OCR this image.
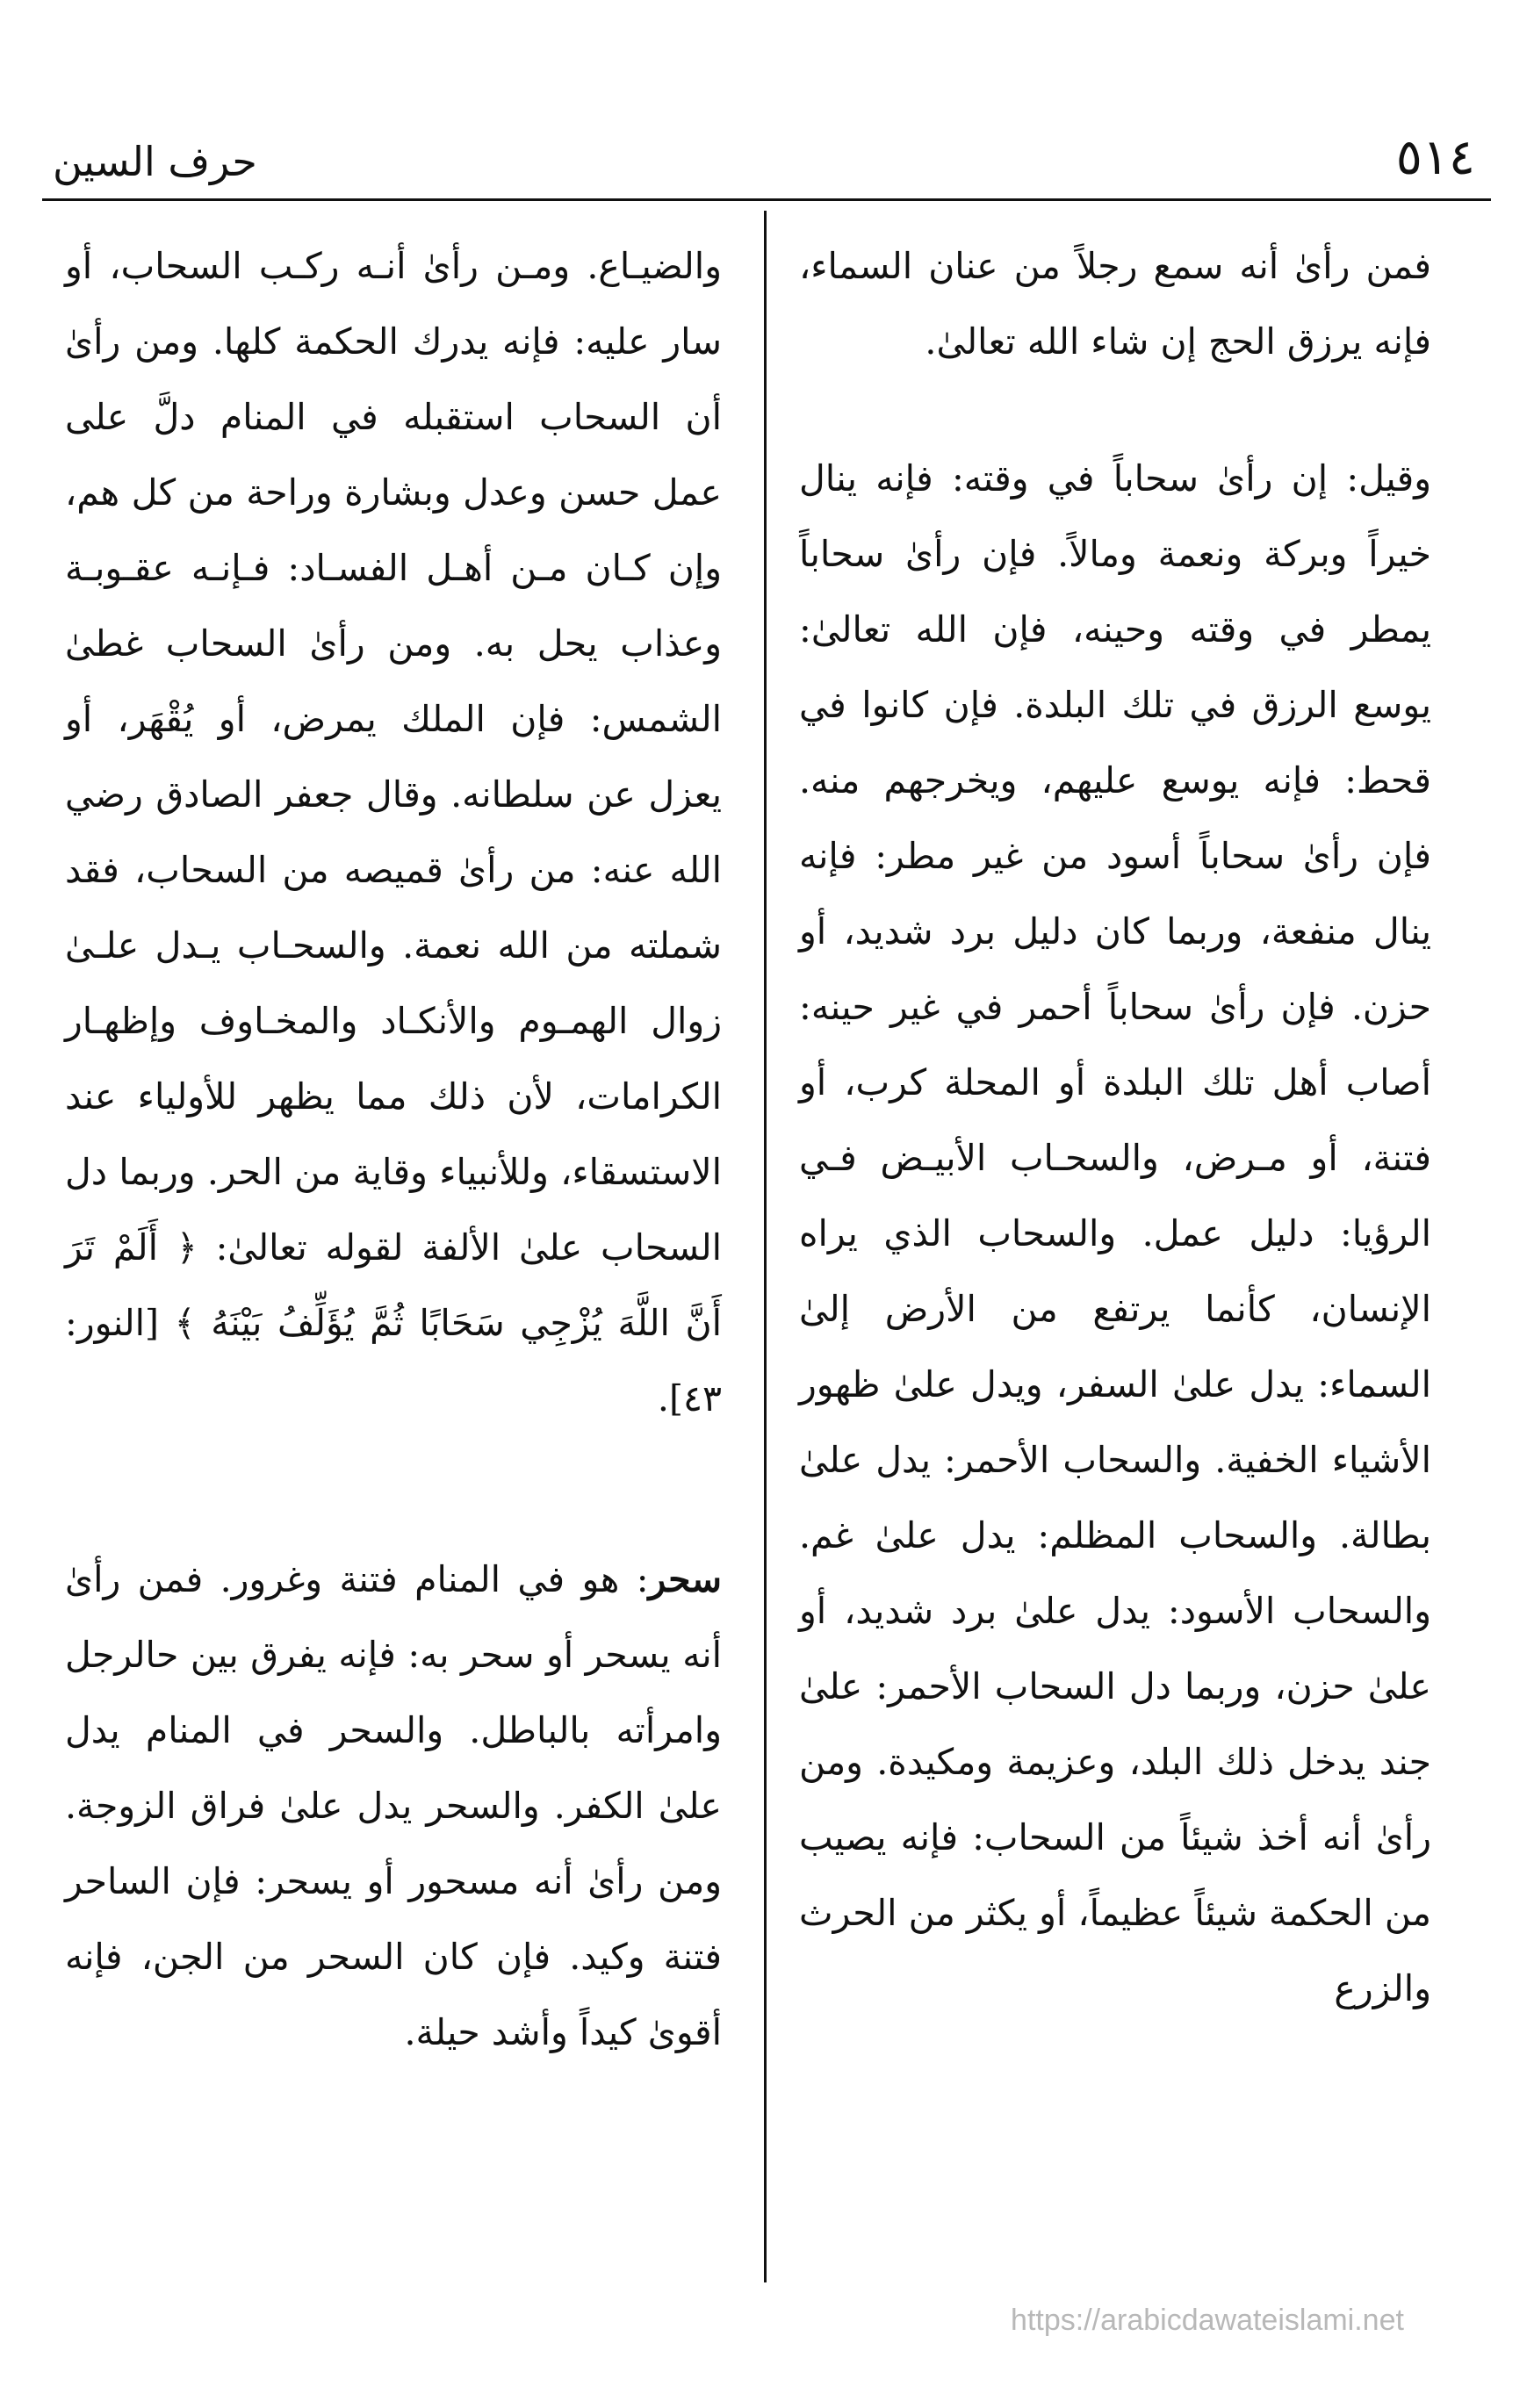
٥١٤
حرف السين

فمن رأىٰ أنه سمع رجلاً من عنان السماء، فإنه يرزق الحج إن شاء الله تعالىٰ.

وقيل: إن رأىٰ سحاباً في وقته: فإنه ينال خيراً وبركة ونعمة ومالاً. فإن رأىٰ سحاباً يمطر في وقته وحينه، فإن الله تعالىٰ: يوسع الرزق في تلك البلدة. فإن كانوا في قحط: فإنه يوسع عليهم، ويخرجهم منه. فإن رأىٰ سحاباً أسود من غير مطر: فإنه ينال منفعة، وربما كان دليل برد شديد، أو حزن. فإن رأىٰ سحاباً أحمر في غير حينه: أصاب أهل تلك البلدة أو المحلة كرب، أو فتنة، أو مـرض، والسحـاب الأبيـض فـي الرؤيا: دليل عمل. والسحاب الذي يراه الإنسان، كأنما يرتفع من الأرض إلىٰ السماء: يدل علىٰ السفر، ويدل علىٰ ظهور الأشياء الخفية. والسحاب الأحمر: يدل علىٰ بطالة. والسحاب المظلم: يدل علىٰ غم. والسحاب الأسود: يدل علىٰ برد شديد، أو علىٰ حزن، وربما دل السحاب الأحمر: علىٰ جند يدخل ذلك البلد، وعزيمة ومكيدة. ومن رأىٰ أنه أخذ شيئاً من السحاب: فإنه يصيب من الحكمة شيئاً عظيماً، أو يكثر من الحرث والزرع

والضيـاع. ومـن رأىٰ أنـه ركـب السحاب، أو سار عليه: فإنه يدرك الحكمة كلها. ومن رأىٰ أن السحاب استقبله في المنام دلَّ على عمل حسن وعدل وبشارة وراحة من كل هم، وإن كـان مـن أهـل الفسـاد: فـإنـه عقـوبـة وعذاب يحل به. ومن رأىٰ السحاب غطىٰ الشمس: فإن الملك يمرض، أو يُقْهَر، أو يعزل عن سلطانه. وقال جعفر الصادق رضي الله عنه: من رأىٰ قميصه من السحاب، فقد شملته من الله نعمة. والسحـاب يـدل علـىٰ زوال الهمـوم والأنكـاد والمخـاوف وإظهـار الكرامات، لأن ذلك مما يظهر للأولياء عند الاستسقاء، وللأنبياء وقاية من الحر. وربما دل السحاب علىٰ الألفة لقوله تعالىٰ: ﴿ أَلَمْ تَرَ أَنَّ اللَّهَ يُزْجِي سَحَابًا ثُمَّ يُؤَلِّفُ بَيْنَهُ ﴾ [النور: ٤٣].

سحر: هو في المنام فتنة وغرور. فمن رأىٰ أنه يسحر أو سحر به: فإنه يفرق بين حالرجل وامرأته بالباطل. والسحر في المنام يدل علىٰ الكفر. والسحر يدل علىٰ فراق الزوجة. ومن رأىٰ أنه مسحور أو يسحر: فإن الساحر فتنة وكيد. فإن كان السحر من الجن، فإنه أقوىٰ كيداً وأشد حيلة.

https://arabicdawateislami.net
